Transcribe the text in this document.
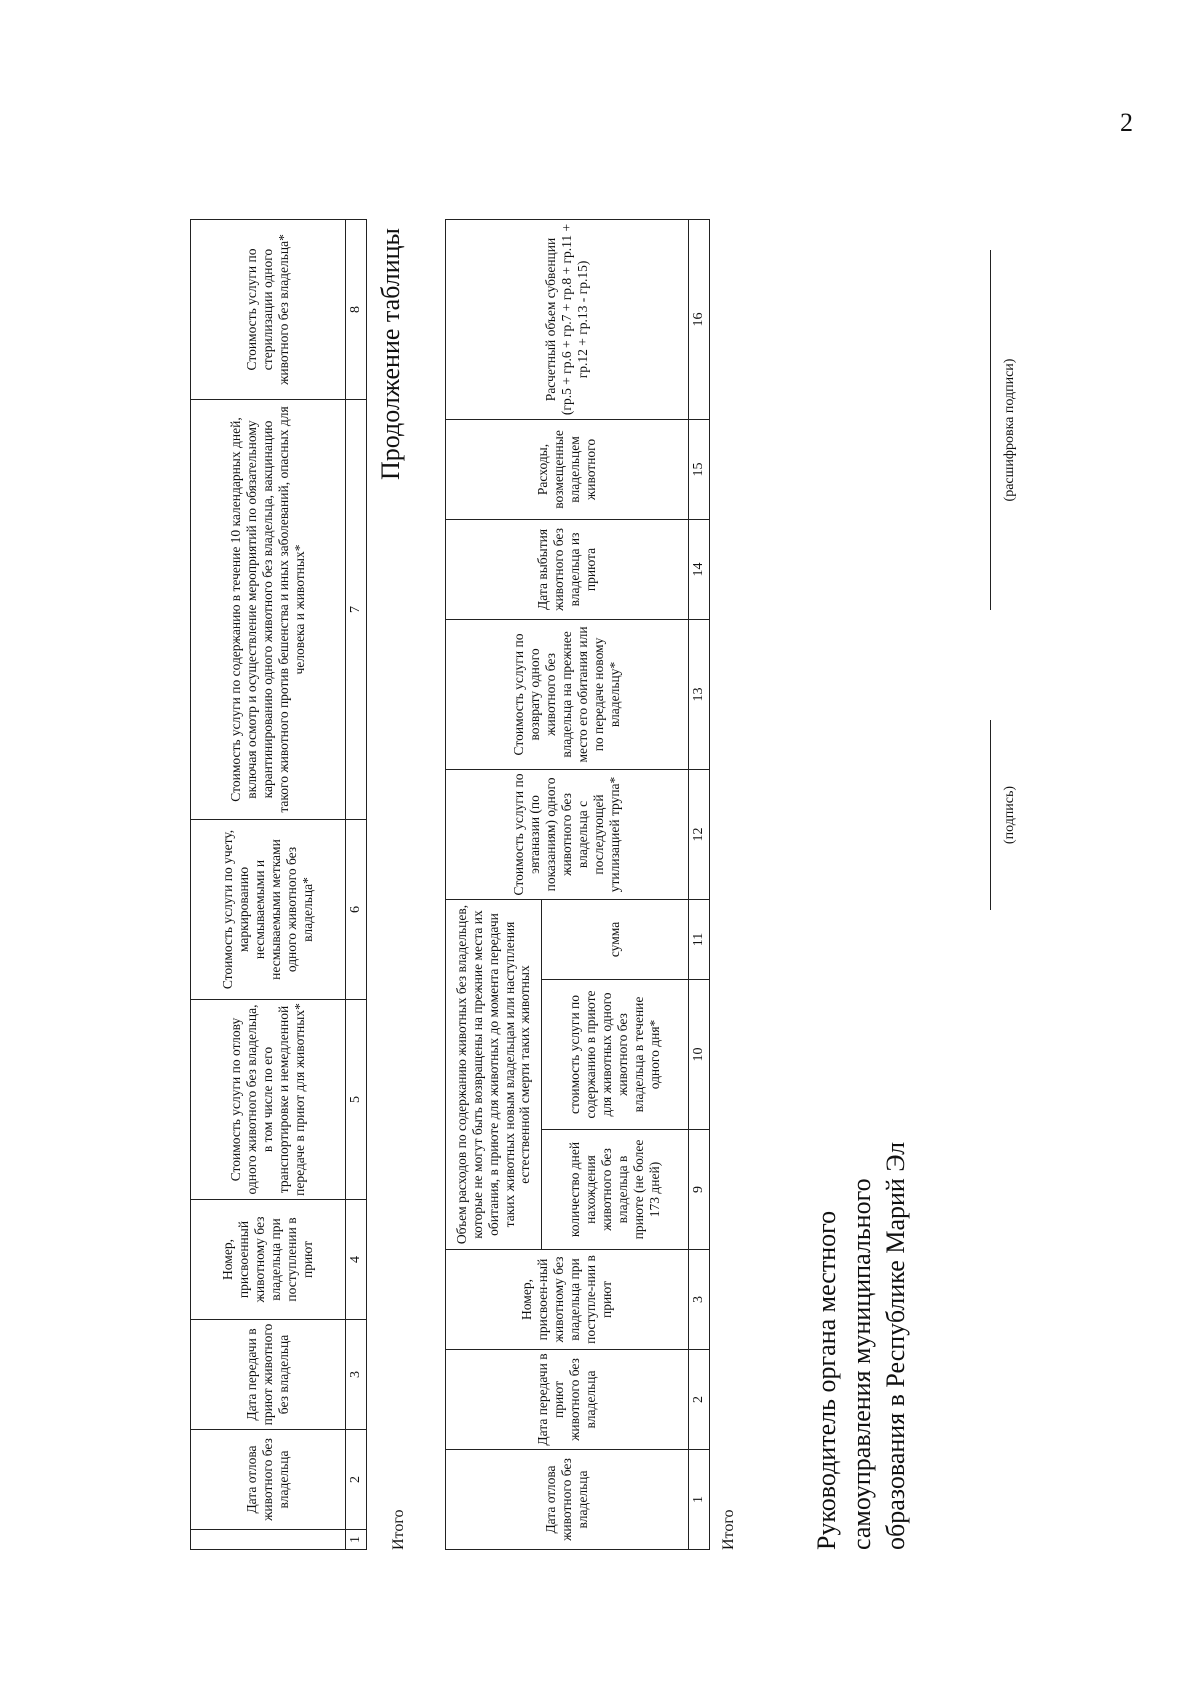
2
	Дата отлова животного без владельца	Дата передачи в приют животного без владельца	Номер, присвоенный животному без владельца при поступлении в приют	Стоимость услуги по отлову одного животного без владельца, в том числе по его транспортировке и немедленной передаче в приют для животных*	Стоимость услуги по учету, маркированию несмываемыми и несмываемыми метками одного животного без владельца*	Стоимость услуги по содержанию в течение 10 календарных дней, включая осмотр и осуществление мероприятий по обязательному карантинированию одного животного без владельца, вакцинацию такого животного против бешенства и иных заболеваний, опасных для человека и животных*	Стоимость услуги по стерилизации одного животного без владельца*
1	2	3	4	5	6	7	8
Итого
Продолжение таблицы
Дата отлова животного без владельца	Дата передачи в приют животного без владельца	Номер, присвоен-ный животному без владельца при поступле-нии в приют	Объем расходов по содержанию животных без владельцев, которые не могут быть возвращены на прежние места их обитания, в приюте для животных до момента передачи таких животных новым владельцам или наступления естественной смерти таких животных			Стоимость услуги по эвтаназии (по показаниям) одного животного без владельца с последующей утилизацией трупа*	Стоимость услуги по возврату одного животного без владельца на прежнее место его обитания или по передаче новому владельцу*	Дата выбытия животного без владельца из приюта	Расходы, возмещенные владельцем животного	Расчетный объем субвенции (гр.5 + гр.6 + гр.7 + гр.8 + гр.11 + гр.12 + гр.13 - гр.15)
			количество дней нахождения животного без владельца в приюте (не более 173 дней)	стоимость услуги по содержанию в приюте для животных одного животного без владельца в течение одного дня*	сумма					
1	2	3	9	10	11	12	13	14	15	16
Итого	Руководитель органа местного самоуправления муниципального образования в Республике Марий Эл
(подпись)
(расшифровка подписи)
